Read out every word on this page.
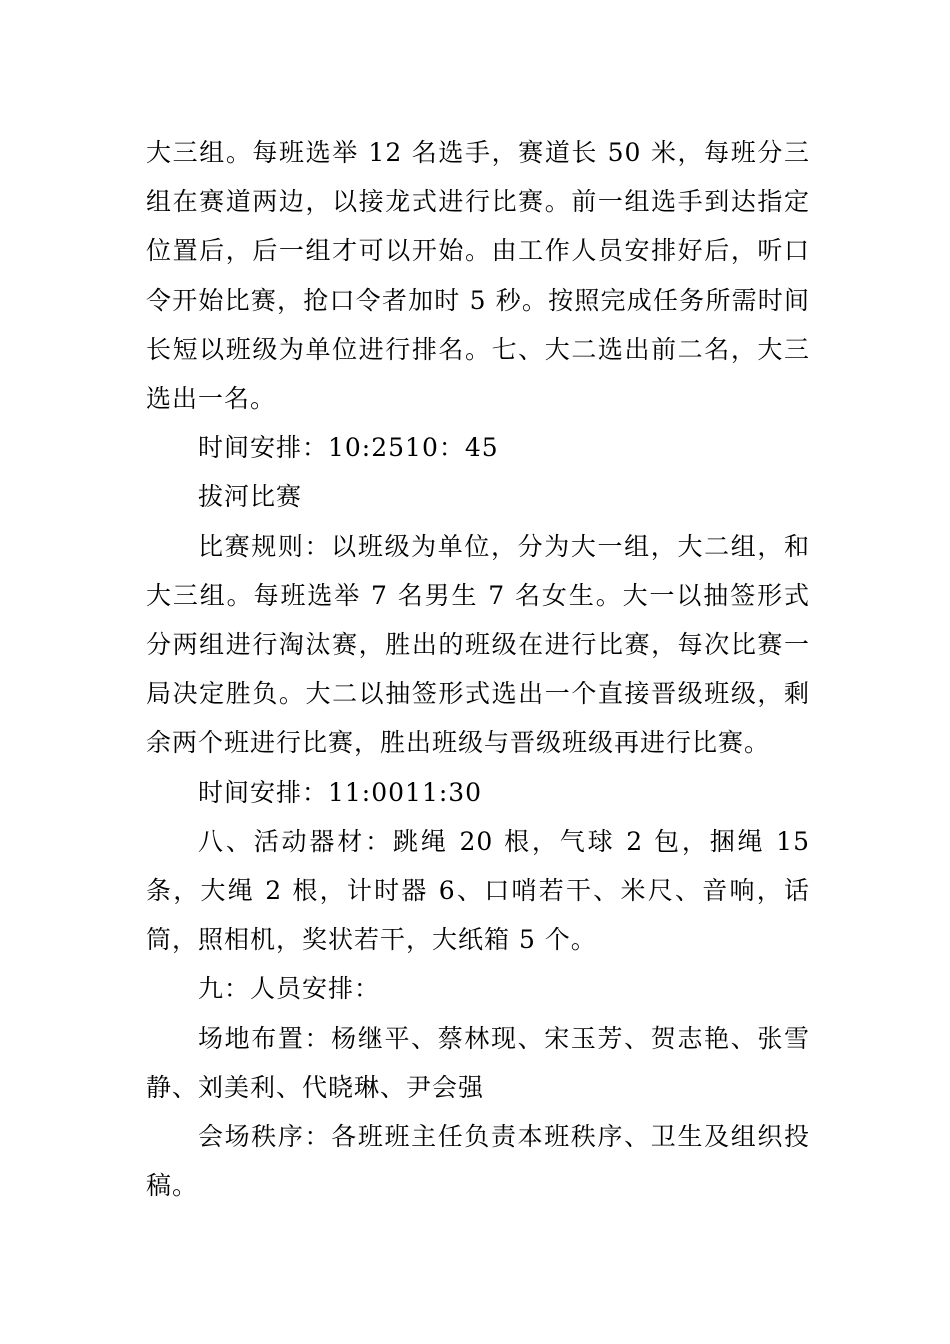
大三组。每班选举 12 名选手，赛道长 50 米，每班分三组在赛道两边，以接龙式进行比赛。前一组选手到达指定位置后，后一组才可以开始。由工作人员安排好后，听口令开始比赛，抢口令者加时 5 秒。按照完成任务所需时间长短以班级为单位进行排名。七、大二选出前二名，大三选出一名。

时间安排：10:2510：45

拔河比赛

比赛规则：以班级为单位，分为大一组，大二组，和大三组。每班选举 7 名男生 7 名女生。大一以抽签形式分两组进行淘汰赛，胜出的班级在进行比赛，每次比赛一局决定胜负。大二以抽签形式选出一个直接晋级班级，剩余两个班进行比赛，胜出班级与晋级班级再进行比赛。

时间安排：11:0011:30

八、活动器材：跳绳 20 根，气球 2 包，捆绳 15 条，大绳 2 根，计时器 6、口哨若干、米尺、音响，话筒，照相机，奖状若干，大纸箱 5 个。

九：人员安排：

场地布置：杨继平、蔡林现、宋玉芳、贺志艳、张雪静、刘美利、代晓琳、尹会强

会场秩序：各班班主任负责本班秩序、卫生及组织投稿。
